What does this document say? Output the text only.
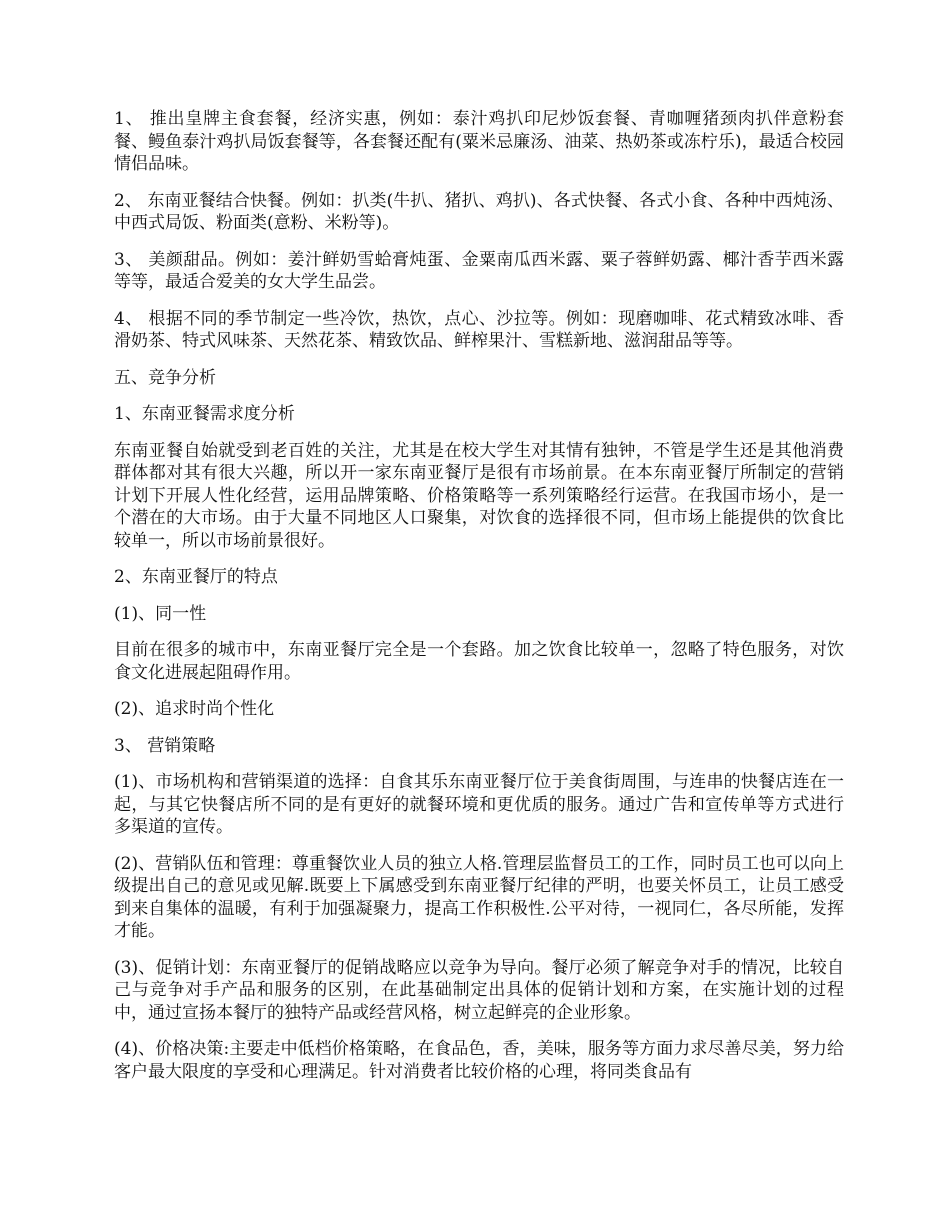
1、 推出皇牌主食套餐，经济实惠，例如：泰汁鸡扒印尼炒饭套餐、青咖喱猪颈肉扒伴意粉套餐、鳗鱼泰汁鸡扒局饭套餐等，各套餐还配有(粟米忌廉汤、油菜、热奶茶或冻柠乐)，最适合校园情侣品味。

2、 东南亚餐结合快餐。例如：扒类(牛扒、猪扒、鸡扒)、各式快餐、各式小食、各种中西炖汤、中西式局饭、粉面类(意粉、米粉等)。

3、 美颜甜品。例如：姜汁鲜奶雪蛤膏炖蛋、金粟南瓜西米露、粟子蓉鲜奶露、椰汁香芋西米露等等，最适合爱美的女大学生品尝。

4、 根据不同的季节制定一些冷饮，热饮，点心、沙拉等。例如：现磨咖啡、花式精致冰啡、香滑奶茶、特式风味茶、天然花茶、精致饮品、鲜榨果汁、雪糕新地、滋润甜品等等。

五、竞争分析

1、东南亚餐需求度分析

东南亚餐自始就受到老百姓的关注，尤其是在校大学生对其情有独钟，不管是学生还是其他消费群体都对其有很大兴趣，所以开一家东南亚餐厅是很有市场前景。在本东南亚餐厅所制定的营销计划下开展人性化经营，运用品牌策略、价格策略等一系列策略经行运营。在我国市场小，是一个潜在的大市场。由于大量不同地区人口聚集，对饮食的选择很不同，但市场上能提供的饮食比较单一，所以市场前景很好。

2、东南亚餐厅的特点

(1)、同一性

目前在很多的城市中，东南亚餐厅完全是一个套路。加之饮食比较单一，忽略了特色服务，对饮食文化进展起阻碍作用。

(2)、追求时尚个性化

3、 营销策略

(1)、市场机构和营销渠道的选择：自食其乐东南亚餐厅位于美食街周围，与连串的快餐店连在一起，与其它快餐店所不同的是有更好的就餐环境和更优质的服务。通过广告和宣传单等方式进行多渠道的宣传。

(2)、营销队伍和管理：尊重餐饮业人员的独立人格.管理层监督员工的工作，同时员工也可以向上级提出自己的意见或见解.既要上下属感受到东南亚餐厅纪律的严明，也要关怀员工，让员工感受到来自集体的温暖，有利于加强凝聚力，提高工作积极性.公平对待，一视同仁，各尽所能，发挥才能。

(3)、促销计划：东南亚餐厅的促销战略应以竞争为导向。餐厅必须了解竞争对手的情况，比较自己与竞争对手产品和服务的区别，在此基础制定出具体的促销计划和方案，在实施计划的过程中，通过宣扬本餐厅的独特产品或经营风格，树立起鲜亮的企业形象。

(4)、价格决策:主要走中低档价格策略，在食品色，香，美味，服务等方面力求尽善尽美，努力给客户最大限度的享受和心理满足。针对消费者比较价格的心理，将同类食品有
